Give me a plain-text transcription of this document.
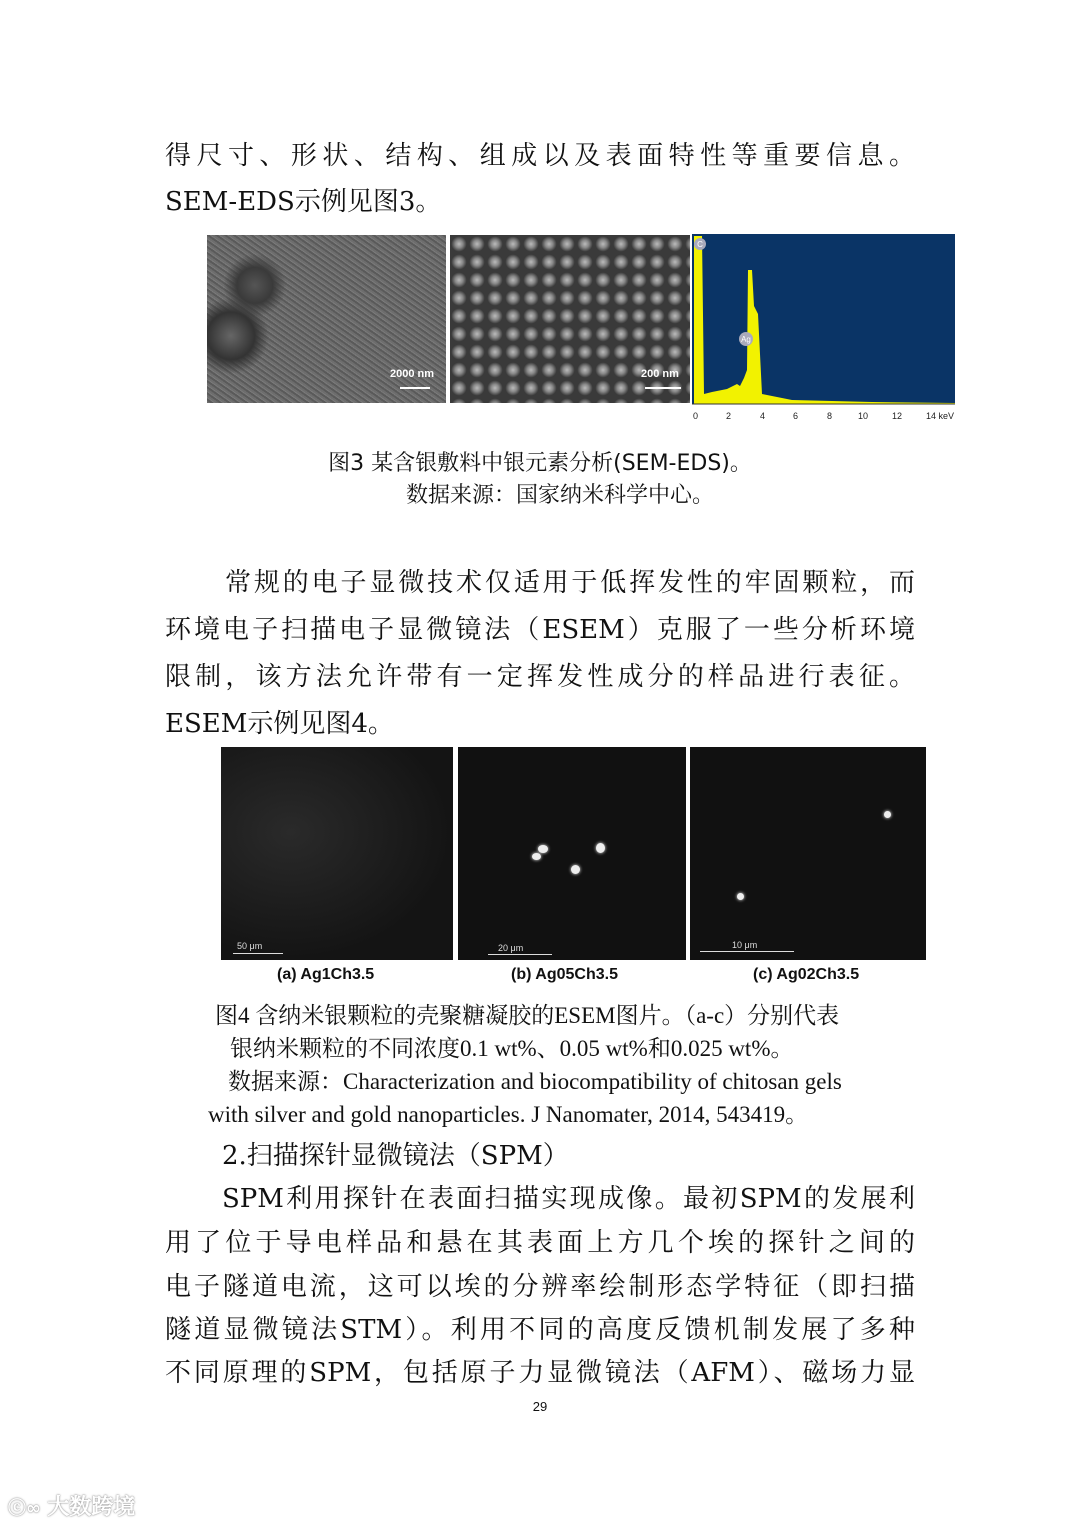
得尺寸、形状、结构、组成以及表面特性等重要信息。
SEM-EDS示例见图3。
2000 nm	200 nm
C
Ag
0	2	4	6	8	10	12	14 keV
图3 某含银敷料中银元素分析(SEM-EDS)。
数据来源：国家纳米科学中心。
常规的电子显微技术仅适用于低挥发性的牢固颗粒，而
环境电子扫描电子显微镜法（ESEM）克服了一些分析环境
限制，该方法允许带有一定挥发性成分的样品进行表征。
ESEM示例见图4。
50 μm	20 μm	10 μm
(a) Ag1Ch3.5	(b) Ag05Ch3.5	(c) Ag02Ch3.5
图4 含纳米银颗粒的壳聚糖凝胶的ESEM图片。（a-c）分别代表
银纳米颗粒的不同浓度0.1 wt%、0.05 wt%和0.025 wt%。
数据来源：Characterization and biocompatibility of chitosan gels
with silver and gold nanoparticles. J Nanomater, 2014, 543419。
2.扫描探针显微镜法（SPM）
SPM利用探针在表面扫描实现成像。最初SPM的发展利
用了位于导电样品和悬在其表面上方几个埃的探针之间的
电子隧道电流，这可以埃的分辨率绘制形态学特征（即扫描
隧道显微镜法STM）。利用不同的高度反馈机制发展了多种
不同原理的SPM，包括原子力显微镜法（AFM）、磁场力显
29
ⓒ∞ 大数跨境
